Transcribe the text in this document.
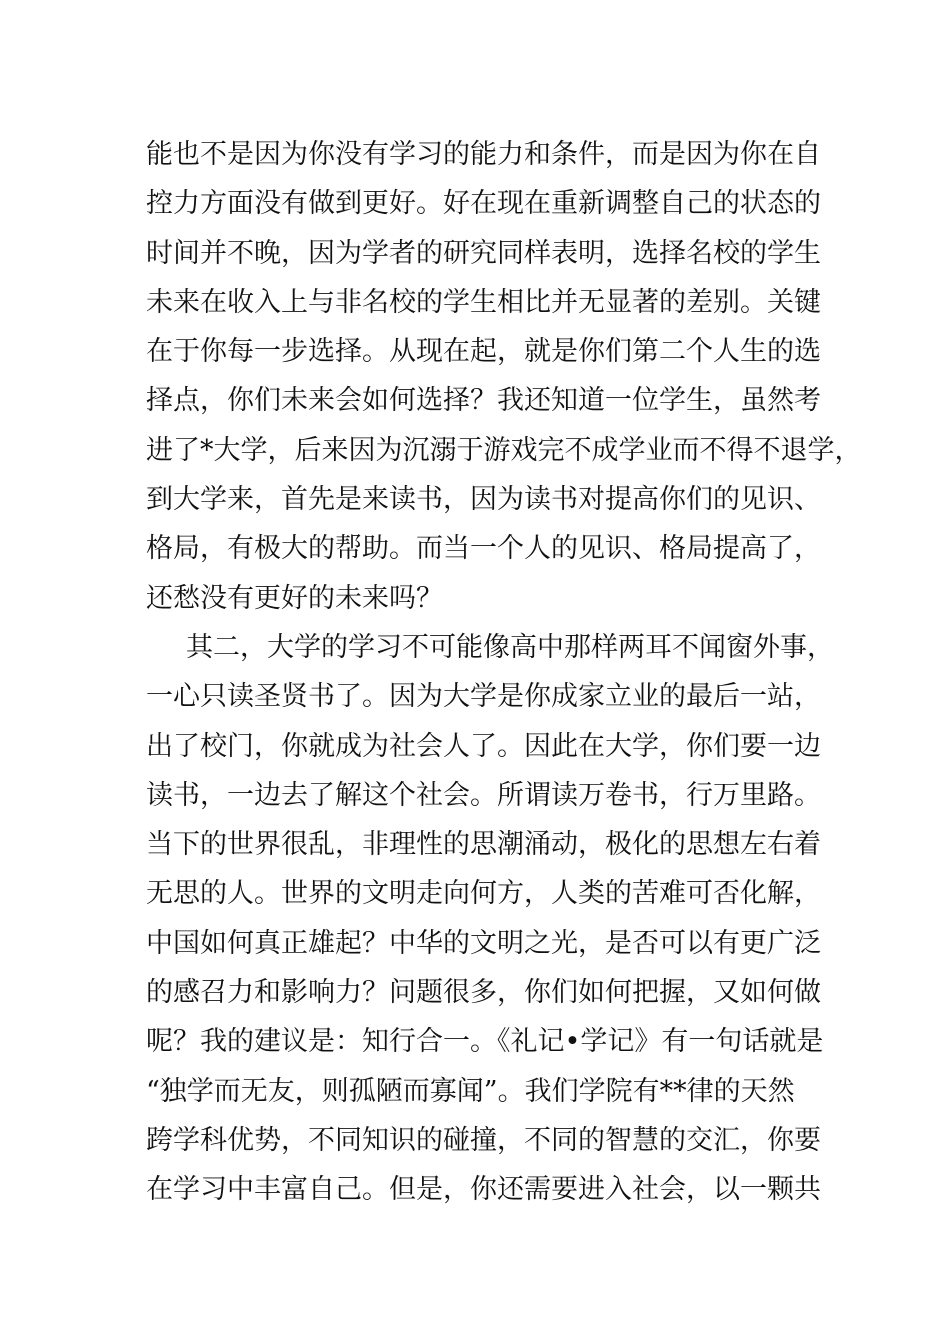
能也不是因为你没有学习的能力和条件，而是因为你在自
控力方面没有做到更好。好在现在重新调整自己的状态的
时间并不晚，因为学者的研究同样表明，选择名校的学生
未来在收入上与非名校的学生相比并无显著的差别。关键
在于你每一步选择。从现在起，就是你们第二个人生的选
择点，你们未来会如何选择？我还知道一位学生，虽然考
进了*大学，后来因为沉溺于游戏完不成学业而不得不退学，
到大学来，首先是来读书，因为读书对提高你们的见识、
格局，有极大的帮助。而当一个人的见识、格局提高了，
还愁没有更好的未来吗？
其二，大学的学习不可能像高中那样两耳不闻窗外事，
一心只读圣贤书了。因为大学是你成家立业的最后一站，
出了校门，你就成为社会人了。因此在大学，你们要一边
读书，一边去了解这个社会。所谓读万卷书，行万里路。
当下的世界很乱，非理性的思潮涌动，极化的思想左右着
无思的人。世界的文明走向何方，人类的苦难可否化解，
中国如何真正雄起？中华的文明之光，是否可以有更广泛
的感召力和影响力？问题很多，你们如何把握，又如何做
呢？我的建议是：知行合一。《礼记•学记》有一句话就是
“独学而无友，则孤陋而寡闻”。我们学院有**律的天然
跨学科优势，不同知识的碰撞，不同的智慧的交汇，你要
在学习中丰富自己。但是，你还需要进入社会，以一颗共
